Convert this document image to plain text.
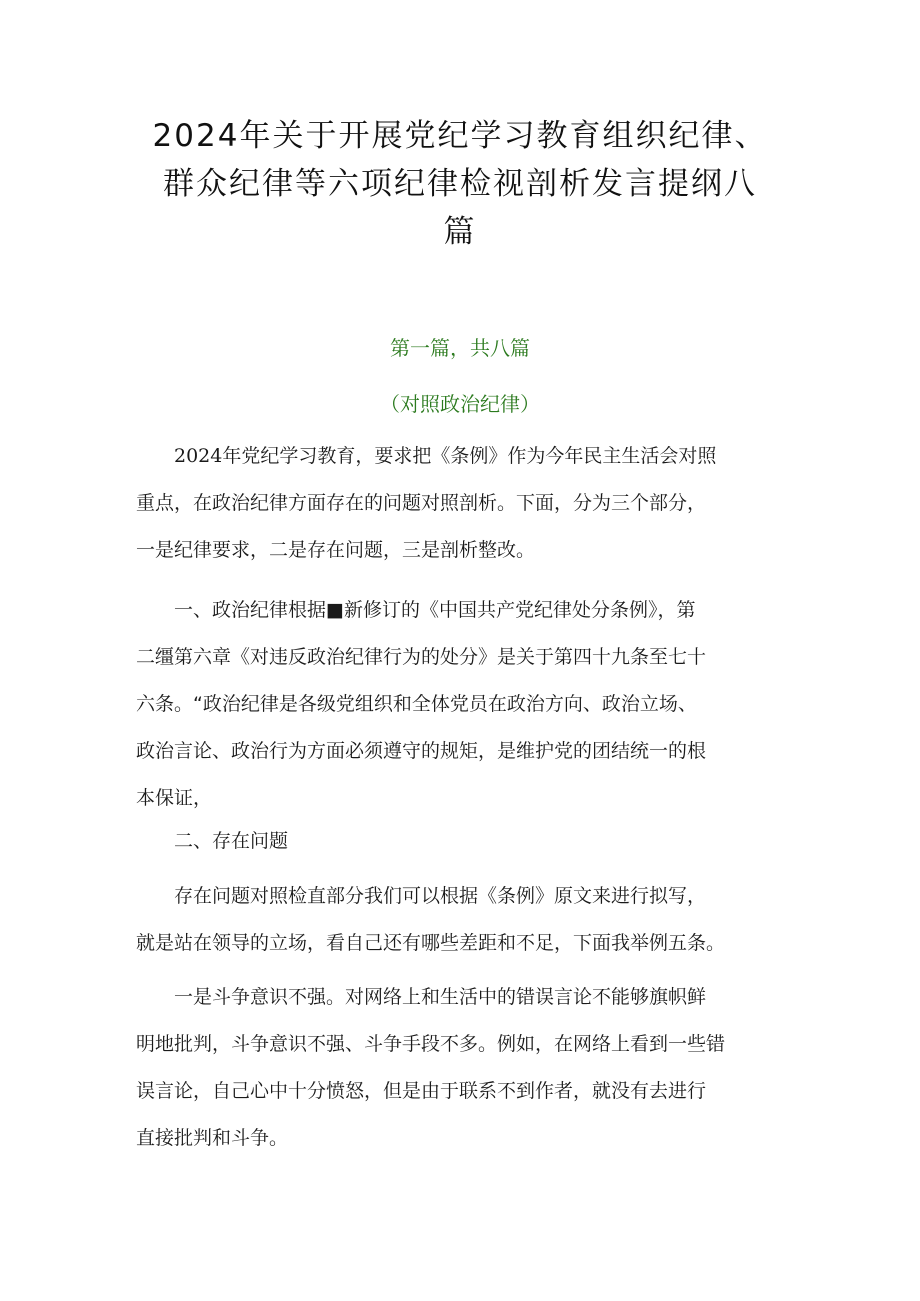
2024年关于开展党纪学习教育组织纪律、
群众纪律等六项纪律检视剖析发言提纲八
篇

第一篇，共八篇

（对照政治纪律）

2024年党纪学习教育，要求把《条例》作为今年民主生活会对照
重点，在政治纪律方面存在的问题对照剖析。下面，分为三个部分，
一是纪律要求，二是存在问题，三是剖析整改。
一、政治纪律根据■新修订的《中国共产党纪律处分条例》，第
二缰第六章《对违反政治纪律行为的处分》是关于第四十九条至七十
六条。“政治纪律是各级党组织和全体党员在政治方向、政治立场、
政治言论、政治行为方面必须遵守的规矩，是维护党的团结统一的根
本保证，
二、存在问题
存在问题对照检直部分我们可以根据《条例》原文来进行拟写，
就是站在领导的立场，看自己还有哪些差距和不足，下面我举例五条。
一是斗争意识不强。对网络上和生活中的错误言论不能够旗帜鲜
明地批判，斗争意识不强、斗争手段不多。例如，在网络上看到一些错
误言论，自己心中十分愤怒，但是由于联系不到作者，就没有去进行
直接批判和斗争。
